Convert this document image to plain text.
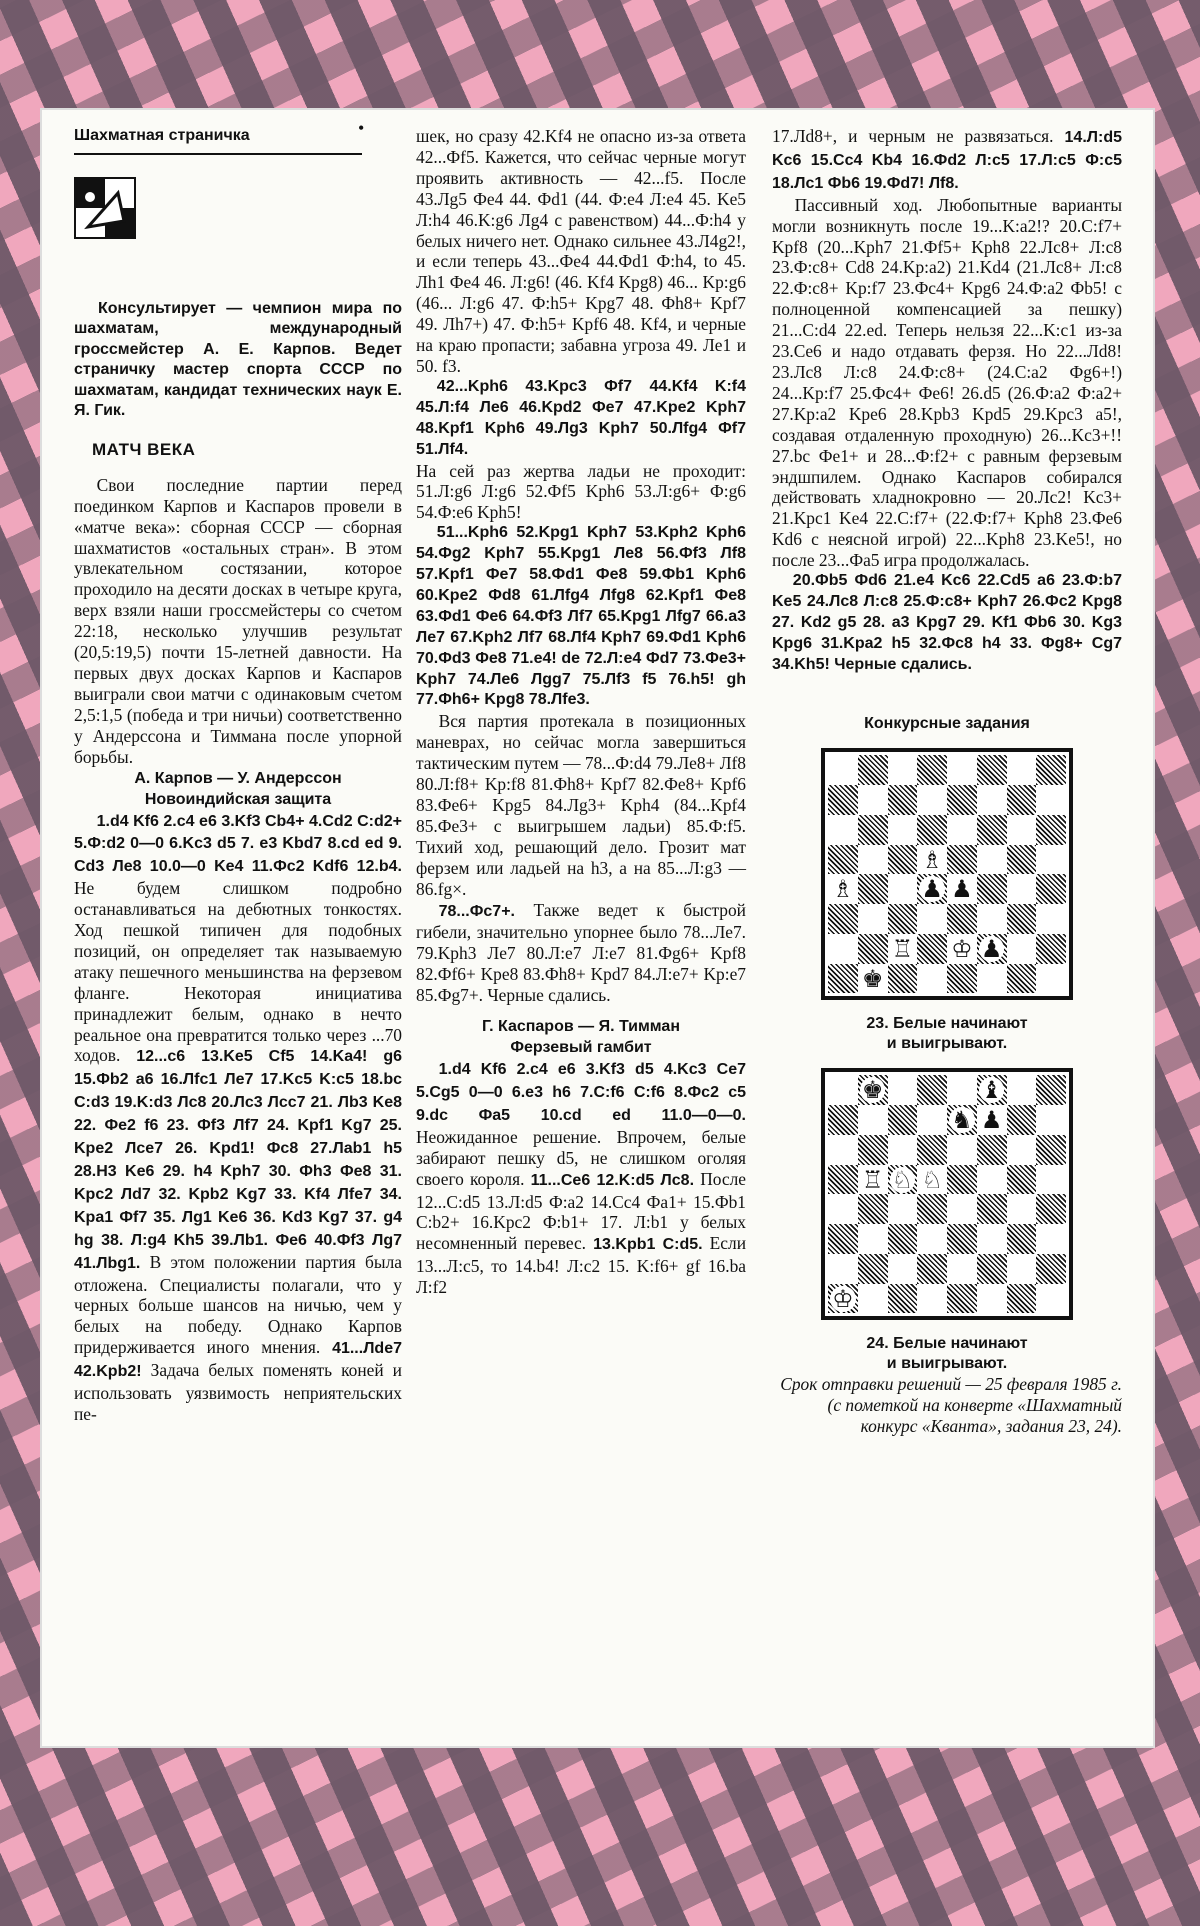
•
Шахматная страничка

Консультирует — чемпион мира по шахматам, международный гроссмейстер А. Е. Карпов. Ведет страничку мастер спорта СССР по шахматам, кандидат технических наук Е. Я. Гик.

МАТЧ ВЕКА

Свои последние партии перед поединком Карпов и Каспаров провели в «матче века»: сборная СССР — сборная шахматистов «остальных стран». В этом увлекательном состязании, которое проходило на десяти досках в четыре круга, верх взяли наши гроссмейстеры со счетом 22:18, несколько улучшив результат (20,5:19,5) почти 15-летней давности. На первых двух досках Карпов и Каспаров выиграли свои матчи с одинаковым счетом 2,5:1,5 (победа и три ничьи) соответственно у Андерссона и Тиммана после упорной борьбы.

А. Карпов — У. Андерссон
Новоиндийская защита

1.d4 Kf6 2.c4 e6 3.Kf3 Cb4+ 4.Cd2 C:d2+ 5.Ф:d2 0—0 6.Kc3 d5 7. e3 Kbd7 8.cd ed 9. Cd3 Лe8 10.0—0 Ke4 11.Фc2 Kdf6 12.b4. Не будем слишком подробно останавливаться на дебютных тонкостях. Ход пешкой типичен для подобных позиций, он определяет так называемую атаку пешечного меньшинства на ферзевом фланге. Некоторая инициатива принадлежит белым, однако в нечто реальное она превратится только через ...70 ходов. 12...c6 13.Ke5 Cf5 14.Ka4! g6 15.Фb2 a6 16.Лfc1 Лe7 17.Kc5 K:c5 18.bc C:d3 19.K:d3 Лc8 20.Лc3 Лcc7 21. Лb3 Ke8 22. Фe2 f6 23. Фf3 Лf7 24. Kpf1 Kg7 25. Kpe2 Лce7 26. Kpd1! Фc8 27.Лab1 h5 28.H3 Ke6 29. h4 Kph7 30. Фh3 Фe8 31. Kpc2 Лd7 32. Kpb2 Kg7 33. Kf4 Лfe7 34. Kpa1 Фf7 35. Лg1 Ke6 36. Kd3 Kg7 37. g4 hg 38. Л:g4 Kh5 39.Лb1. Фe6 40.Фf3 Лg7 41.Лbg1. В этом положении партия была отложена. Специалисты полагали, что у черных больше шансов на ничью, чем у белых на победу. Однако Карпов придерживается иного мнения. 41...Лde7 42.Kpb2! Задача белых поменять коней и использовать уязвимость неприятельских пе-

шек, но сразу 42.Kf4 не опасно из-за ответа 42...Фf5. Кажется, что сейчас черные могут проявить активность — 42...f5. После 43.Лg5 Фe4 44. Фd1 (44. Ф:e4 Л:e4 45. Ke5 Л:h4 46.K:g6 Лg4 с равенством) 44...Ф:h4 у белых ничего нет. Однако сильнее 43.Л4g2!, и если теперь 43...Фe4 44.Фd1 Ф:h4, to 45. Лh1 Фe4 46. Л:g6! (46. Kf4 Kpg8) 46... Kp:g6 (46... Л:g6 47. Ф:h5+ Kpg7 48. Фh8+ Kpf7 49. Лh7+) 47. Ф:h5+ Kpf6 48. Kf4, и черные на краю пропасти; забавна угроза 49. Лe1 и 50. f3.

42...Kph6 43.Kpc3 Фf7 44.Kf4 K:f4 45.Л:f4 Лe6 46.Kpd2 Фe7 47.Kpe2 Kph7 48.Kpf1 Kph6 49.Лg3 Kph7 50.Лfg4 Фf7 51.Лf4.

На сей раз жертва ладьи не проходит: 51.Л:g6 Л:g6 52.Фf5 Kph6 53.Л:g6+ Ф:g6 54.Ф:e6 Kph5!

51...Kph6 52.Kpg1 Kph7 53.Kph2 Kph6 54.Фg2 Kph7 55.Kpg1 Лe8 56.Фf3 Лf8 57.Kpf1 Фe7 58.Фd1 Фe8 59.Фb1 Kph6 60.Kpe2 Фd8 61.Лfg4 Лfg8 62.Kpf1 Фe8 63.Фd1 Фe6 64.Фf3 Лf7 65.Kpg1 Лfg7 66.a3 Лe7 67.Kph2 Лf7 68.Лf4 Kph7 69.Фd1 Kph6 70.Фd3 Фe8 71.e4! de 72.Л:e4 Фd7 73.Фe3+ Kph7 74.Лe6 Лgg7 75.Лf3 f5 76.h5! gh 77.Фh6+ Kpg8 78.Лfe3.

Вся партия протекала в позиционных маневрах, но сейчас могла завершиться тактическим путем — 78...Ф:d4 79.Лe8+ Лf8 80.Л:f8+ Kp:f8 81.Фh8+ Kpf7 82.Фe8+ Kpf6 83.Фe6+ Kpg5 84.Лg3+ Kph4 (84...Kpf4 85.Фe3+ с выигрышем ладьи) 85.Ф:f5. Тихий ход, решающий дело. Грозит мат ферзем или ладьей на h3, а на 85...Л:g3 — 86.fg×.

78...Фc7+. Также ведет к быстрой гибели, значительно упорнее было 78...Лe7. 79.Kph3 Лe7 80.Л:e7 Л:e7 81.Фg6+ Kpf8 82.Фf6+ Kpe8 83.Фh8+ Kpd7 84.Л:e7+ Kp:e7 85.Фg7+. Черные сдались.

Г. Каспаров — Я. Тимман
Ферзевый гамбит

1.d4 Kf6 2.c4 e6 3.Kf3 d5 4.Kc3 Ce7 5.Cg5 0—0 6.e3 h6 7.C:f6 C:f6 8.Фc2 c5 9.dc Фa5 10.cd ed 11.0—0—0. Неожиданное решение. Впрочем, белые забирают пешку d5, не слишком оголяя своего короля. 11...Ce6 12.K:d5 Лc8. После 12...C:d5 13.Л:d5 Ф:a2 14.Cc4 Фa1+ 15.Фb1 C:b2+ 16.Kpc2 Ф:b1+ 17. Л:b1 у белых несомненный перевес. 13.Kpb1 C:d5. Если 13...Л:c5, то 14.b4! Л:c2 15. K:f6+ gf 16.ba Л:f2

17.Лd8+, и черным не развязаться. 14.Л:d5 Kc6 15.Cc4 Kb4 16.Фd2 Л:c5 17.Л:c5 Ф:c5 18.Лc1 Фb6 19.Фd7! Лf8.

Пассивный ход. Любопытные варианты могли возникнуть после 19...K:a2!? 20.C:f7+ Kpf8 (20...Kph7 21.Фf5+ Kph8 22.Лc8+ Л:c8 23.Ф:c8+ Cd8 24.Kp:a2) 21.Kd4 (21.Лc8+ Л:c8 22.Ф:c8+ Kp:f7 23.Фc4+ Kpg6 24.Ф:a2 Фb5! с полноценной компенсацией за пешку) 21...C:d4 22.ed. Теперь нельзя 22...K:c1 из-за 23.Ce6 и надо отдавать ферзя. Но 22...Лd8! 23.Лc8 Л:c8 24.Ф:c8+ (24.C:a2 Фg6+!) 24...Kp:f7 25.Фc4+ Фe6! 26.d5 (26.Ф:a2 Ф:a2+ 27.Kp:a2 Kpe6 28.Kpb3 Kpd5 29.Kpc3 a5!, создавая отдаленную проходную) 26...Kc3+!! 27.bc Фe1+ и 28...Ф:f2+ с равным ферзевым эндшпилем. Однако Каспаров собирался действовать хладнокровно — 20.Лc2! Kc3+ 21.Kpc1 Ke4 22.C:f7+ (22.Ф:f7+ Kph8 23.Фe6 Kd6 с неясной игрой) 22...Kph8 23.Ke5!, но после 23...Фa5 игра продолжалась.

20.Фb5 Фd6 21.e4 Kc6 22.Cd5 a6 23.Ф:b7 Ke5 24.Лc8 Л:c8 25.Ф:c8+ Kph7 26.Фc2 Kpg8 27. Kd2 g5 28. a3 Kpg7 29. Kf1 Фb6 30. Kg3 Kpg6 31.Kpa2 h5 32.Фc8 h4 33. Фg8+ Cg7 34.Kh5! Черные сдались.

Конкурсные задания
♗
♗	♟ ♟
♖ ♔ ♟
♚
23. Белые начинают
и выигрывают.
♚	♝
♞ ♟
♖ ♘ ♘
♔
24. Белые начинают
и выигрывают.

Срок отправки решений — 25 февраля 1985 г. (с пометкой на конверте «Шахматный конкурс «Кванта», задания 23, 24).
